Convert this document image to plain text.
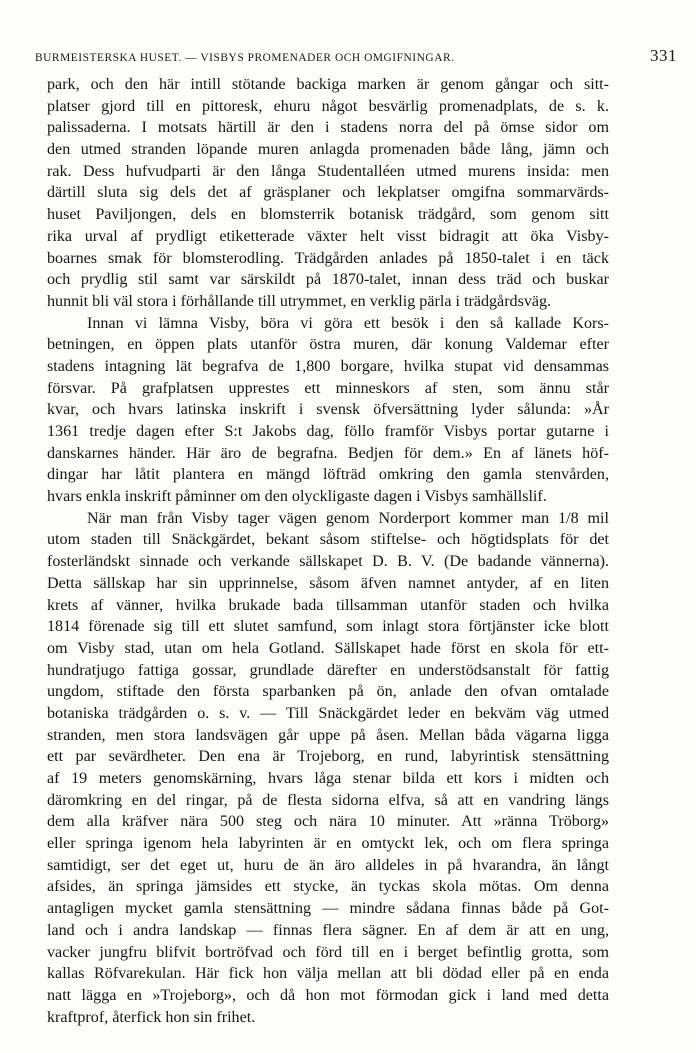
BURMEISTERSKA HUSET. — VISBYS PROMENADER OCH OMGIFNINGAR.	331
park, och den här intill stötande backiga marken är genom gångar och sitt-
platser gjord till en pittoresk, ehuru något besvärlig promenadplats, de s. k.
palissaderna. I motsats härtill är den i stadens norra del på ömse sidor om
den utmed stranden löpande muren anlagda promenaden både lång, jämn och
rak. Dess hufvudparti är den långa Studentalléen utmed murens insida: men
därtill sluta sig dels det af gräsplaner och lekplatser omgifna sommarvärds-
huset Paviljongen, dels en blomsterrik botanisk trädgård, som genom sitt
rika urval af prydligt etiketterade växter helt visst bidragit att öka Visby-
boarnes smak för blomsterodling. Trädgården anlades på 1850-talet i en täck
och prydlig stil samt var särskildt på 1870-talet, innan dess träd och buskar
hunnit bli väl stora i förhållande till utrymmet, en verklig pärla i trädgårdsväg.
Innan vi lämna Visby, böra vi göra ett besök i den så kallade Kors-
betningen, en öppen plats utanför östra muren, där konung Valdemar efter
stadens intagning lät begrafva de 1,800 borgare, hvilka stupat vid densammas
försvar. På grafplatsen upprestes ett minneskors af sten, som ännu står
kvar, och hvars latinska inskrift i svensk öfversättning lyder sålunda: »År
1361 tredje dagen efter S:t Jakobs dag, föllo framför Visbys portar gutarne i
danskarnes händer. Här äro de begrafna. Bedjen för dem.» En af länets höf-
dingar har låtit plantera en mängd löfträd omkring den gamla stenvården,
hvars enkla inskrift påminner om den olyckligaste dagen i Visbys samhällslif.
När man från Visby tager vägen genom Norderport kommer man 1/8 mil
utom staden till Snäckgärdet, bekant såsom stiftelse- och högtidsplats för det
fosterländskt sinnade och verkande sällskapet D. B. V. (De badande vännerna).
Detta sällskap har sin upprinnelse, såsom äfven namnet antyder, af en liten
krets af vänner, hvilka brukade bada tillsamman utanför staden och hvilka
1814 förenade sig till ett slutet samfund, som inlagt stora förtjänster icke blott
om Visby stad, utan om hela Gotland. Sällskapet hade först en skola för ett-
hundratjugo fattiga gossar, grundlade därefter en understödsanstalt för fattig
ungdom, stiftade den första sparbanken på ön, anlade den ofvan omtalade
botaniska trädgården o. s. v. — Till Snäckgärdet leder en bekväm väg utmed
stranden, men stora landsvägen går uppe på åsen. Mellan båda vägarna ligga
ett par sevärdheter. Den ena är Trojeborg, en rund, labyrintisk stensättning
af 19 meters genomskärning, hvars låga stenar bilda ett kors i midten och
däromkring en del ringar, på de flesta sidorna elfva, så att en vandring längs
dem alla kräfver nära 500 steg och nära 10 minuter. Att »ränna Tröborg»
eller springa igenom hela labyrinten är en omtyckt lek, och om flera springa
samtidigt, ser det eget ut, huru de än äro alldeles in på hvarandra, än långt
afsides, än springa jämsides ett stycke, än tyckas skola mötas. Om denna
antagligen mycket gamla stensättning — mindre sådana finnas både på Got-
land och i andra landskap — finnas flera sägner. En af dem är att en ung,
vacker jungfru blifvit bortröfvad och förd till en i berget befintlig grotta, som
kallas Röfvarekulan. Här fick hon välja mellan att bli dödad eller på en enda
natt lägga en »Trojeborg», och då hon mot förmodan gick i land med detta
kraftprof, återfick hon sin frihet.
